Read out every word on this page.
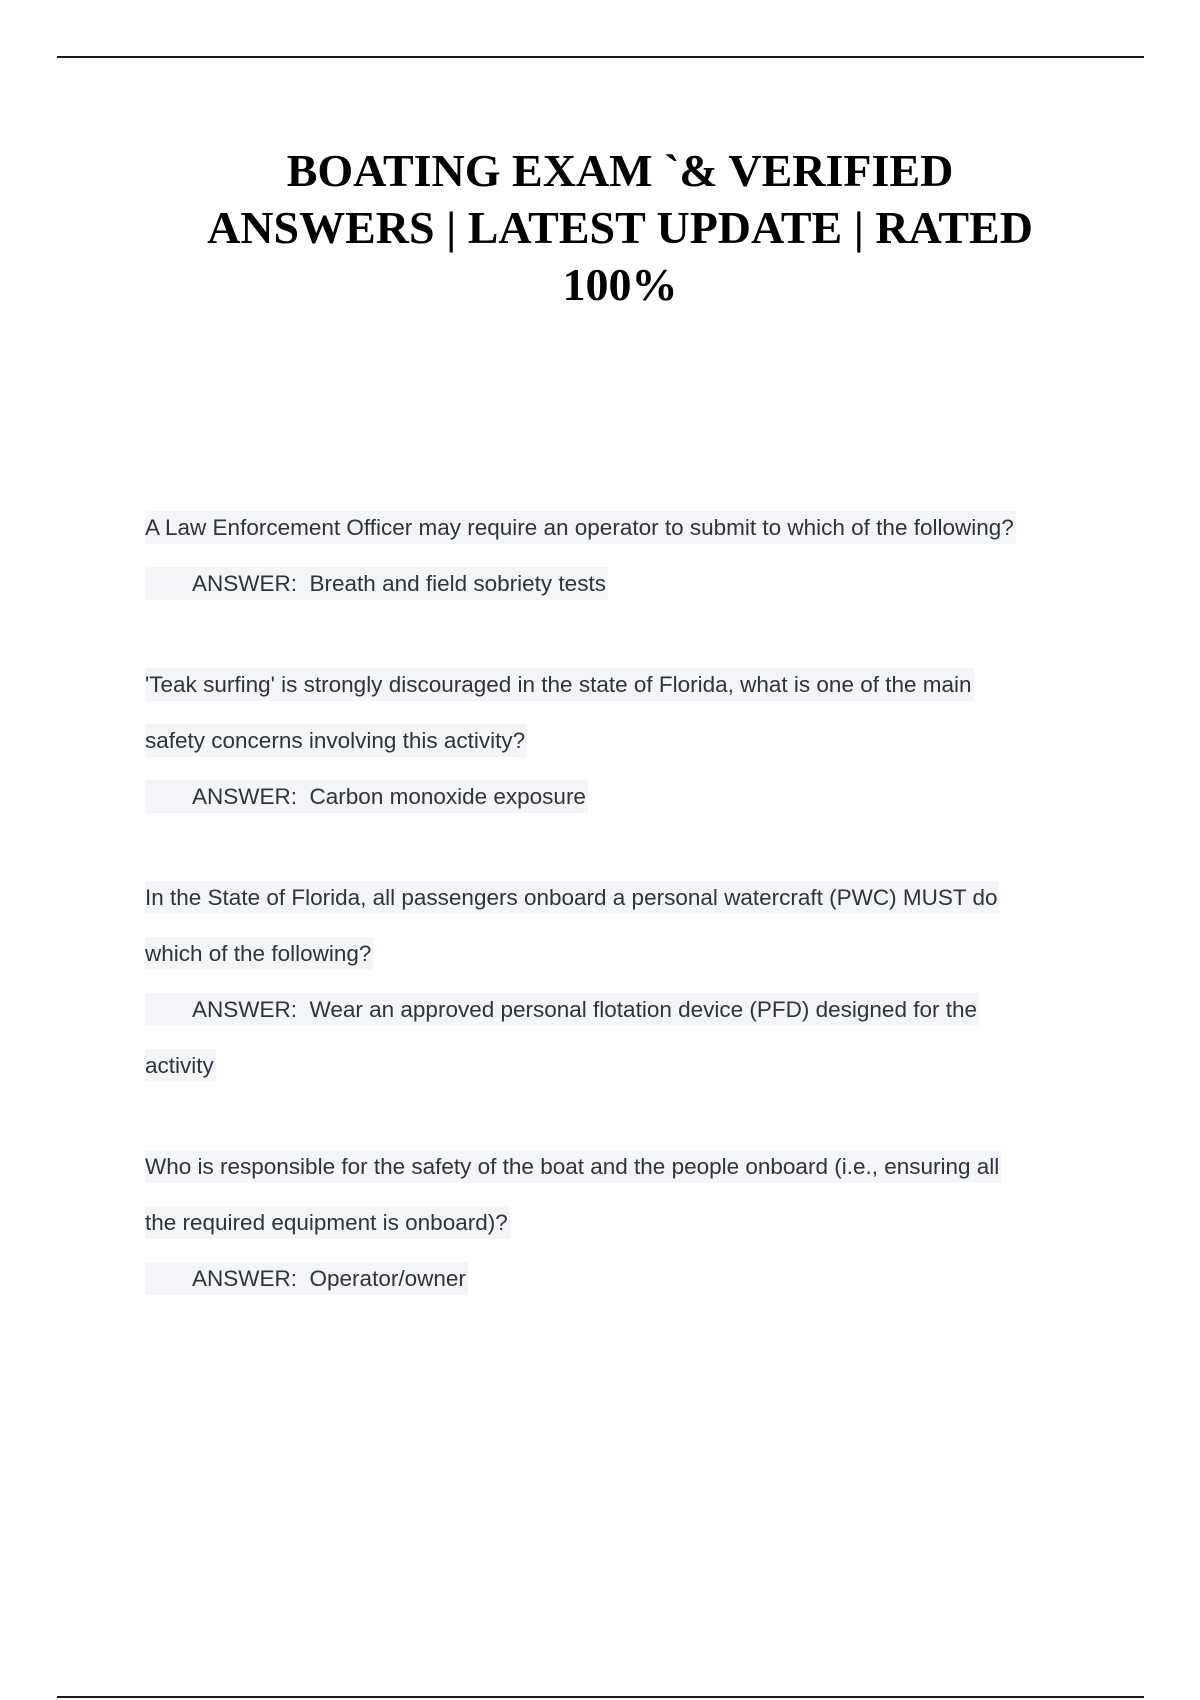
BOATING EXAM `& VERIFIED
ANSWERS | LATEST UPDATE | RATED
100%
A Law Enforcement Officer may require an operator to submit to which of the following?
ANSWER: Breath and field sobriety tests
'Teak surfing' is strongly discouraged in the state of Florida, what is one of the main
safety concerns involving this activity?
ANSWER: Carbon monoxide exposure
In the State of Florida, all passengers onboard a personal watercraft (PWC) MUST do
which of the following?
ANSWER: Wear an approved personal flotation device (PFD) designed for the
activity
Who is responsible for the safety of the boat and the people onboard (i.e., ensuring all
the required equipment is onboard)?
ANSWER: Operator/owner
